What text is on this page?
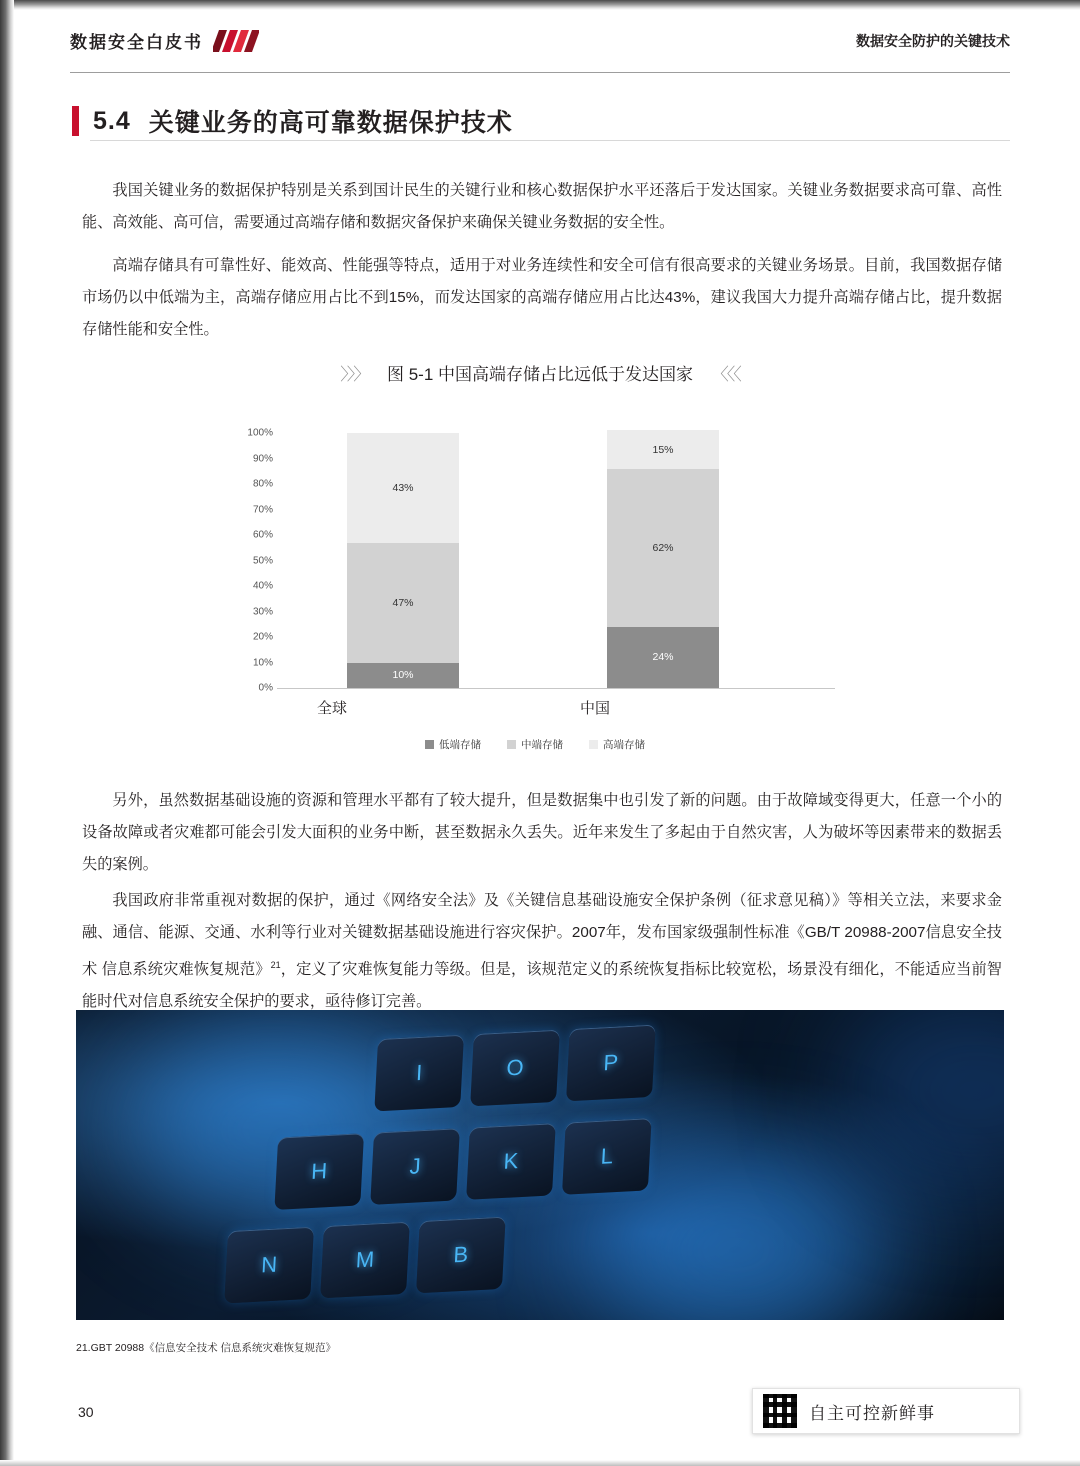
数据安全白皮书	数据安全防护的关键技术
5.4 关键业务的高可靠数据保护技术
我国关键业务的数据保护特别是关系到国计民生的关键行业和核心数据保护水平还落后于发达国家。关键业务数据要求高可靠、高性能、高效能、高可信，需要通过高端存储和数据灾备保护来确保关键业务数据的安全性。
高端存储具有可靠性好、能效高、性能强等特点，适用于对业务连续性和安全可信有很高要求的关键业务场景。目前，我国数据存储市场仍以中低端为主，高端存储应用占比不到15%，而发达国家的高端存储应用占比达43%，建议我国大力提升高端存储占比，提升数据存储性能和安全性。
〉〉〉 图 5-1 中国高端存储占比远低于发达国家 〈〈〈
0%
10%
20%
30%
40%
50%
60%
70%
80%
90%
100%
43%
47%
10%
15%
62%
24%
全球	中国
低端存储	中端存储	高端存储
另外，虽然数据基础设施的资源和管理水平都有了较大提升，但是数据集中也引发了新的问题。由于故障域变得更大，任意一个小的设备故障或者灾难都可能会引发大面积的业务中断，甚至数据永久丢失。近年来发生了多起由于自然灾害，人为破坏等因素带来的数据丢失的案例。
我国政府非常重视对数据的保护，通过《网络安全法》及《关键信息基础设施安全保护条例（征求意见稿）》等相关立法，来要求金融、通信、能源、交通、水利等行业对关键数据基础设施进行容灾保护。2007年，发布国家级强制性标准《GB/T 20988-2007信息安全技术 信息系统灾难恢复规范》$^{21}$，定义了灾难恢复能力等级。但是，该规范定义的系统恢复指标比较宽松，场景没有细化，不能适应当前智能时代对信息系统安全保护的要求，亟待修订完善。
I	O	P
H	J	K	L
N	M	B
21.GBT 20988《信息安全技术 信息系统灾难恢复规范》
30	自主可控新鲜事
